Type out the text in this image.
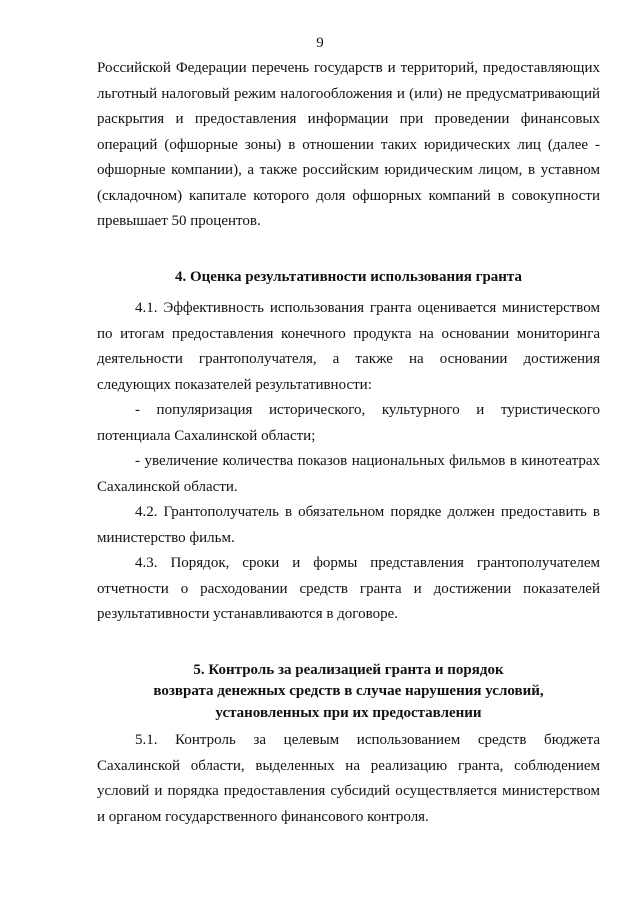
9

Российской Федерации перечень государств и территорий, предоставляющих льготный налоговый режим налогообложения и (или) не предусматривающий раскрытия и предоставления информации при проведении финансовых операций (офшорные зоны) в отношении таких юридических лиц (далее - офшорные компании), а также российским юридическим лицом, в уставном (складочном) капитале которого доля офшорных компаний в совокупности превышает 50 процентов.

4. Оценка результативности использования гранта

4.1. Эффективность использования гранта оценивается министерством по итогам предоставления конечного продукта на основании мониторинга деятельности грантополучателя, а также на основании достижения следующих показателей результативности:

- популяризация исторического, культурного и туристического потенциала Сахалинской области;

- увеличение количества показов национальных фильмов в кинотеатрах Сахалинской области.

4.2. Грантополучатель в обязательном порядке должен предоставить в министерство фильм.

4.3. Порядок, сроки и формы представления грантополучателем отчетности о расходовании средств гранта и достижении показателей результативности устанавливаются в договоре.

5. Контроль за реализацией гранта и порядок
возврата денежных средств в случае нарушения условий,
установленных при их предоставлении

5.1. Контроль за целевым использованием средств бюджета Сахалинской области, выделенных на реализацию гранта, соблюдением условий и порядка предоставления субсидий осуществляется министерством и органом государственного финансового контроля.
